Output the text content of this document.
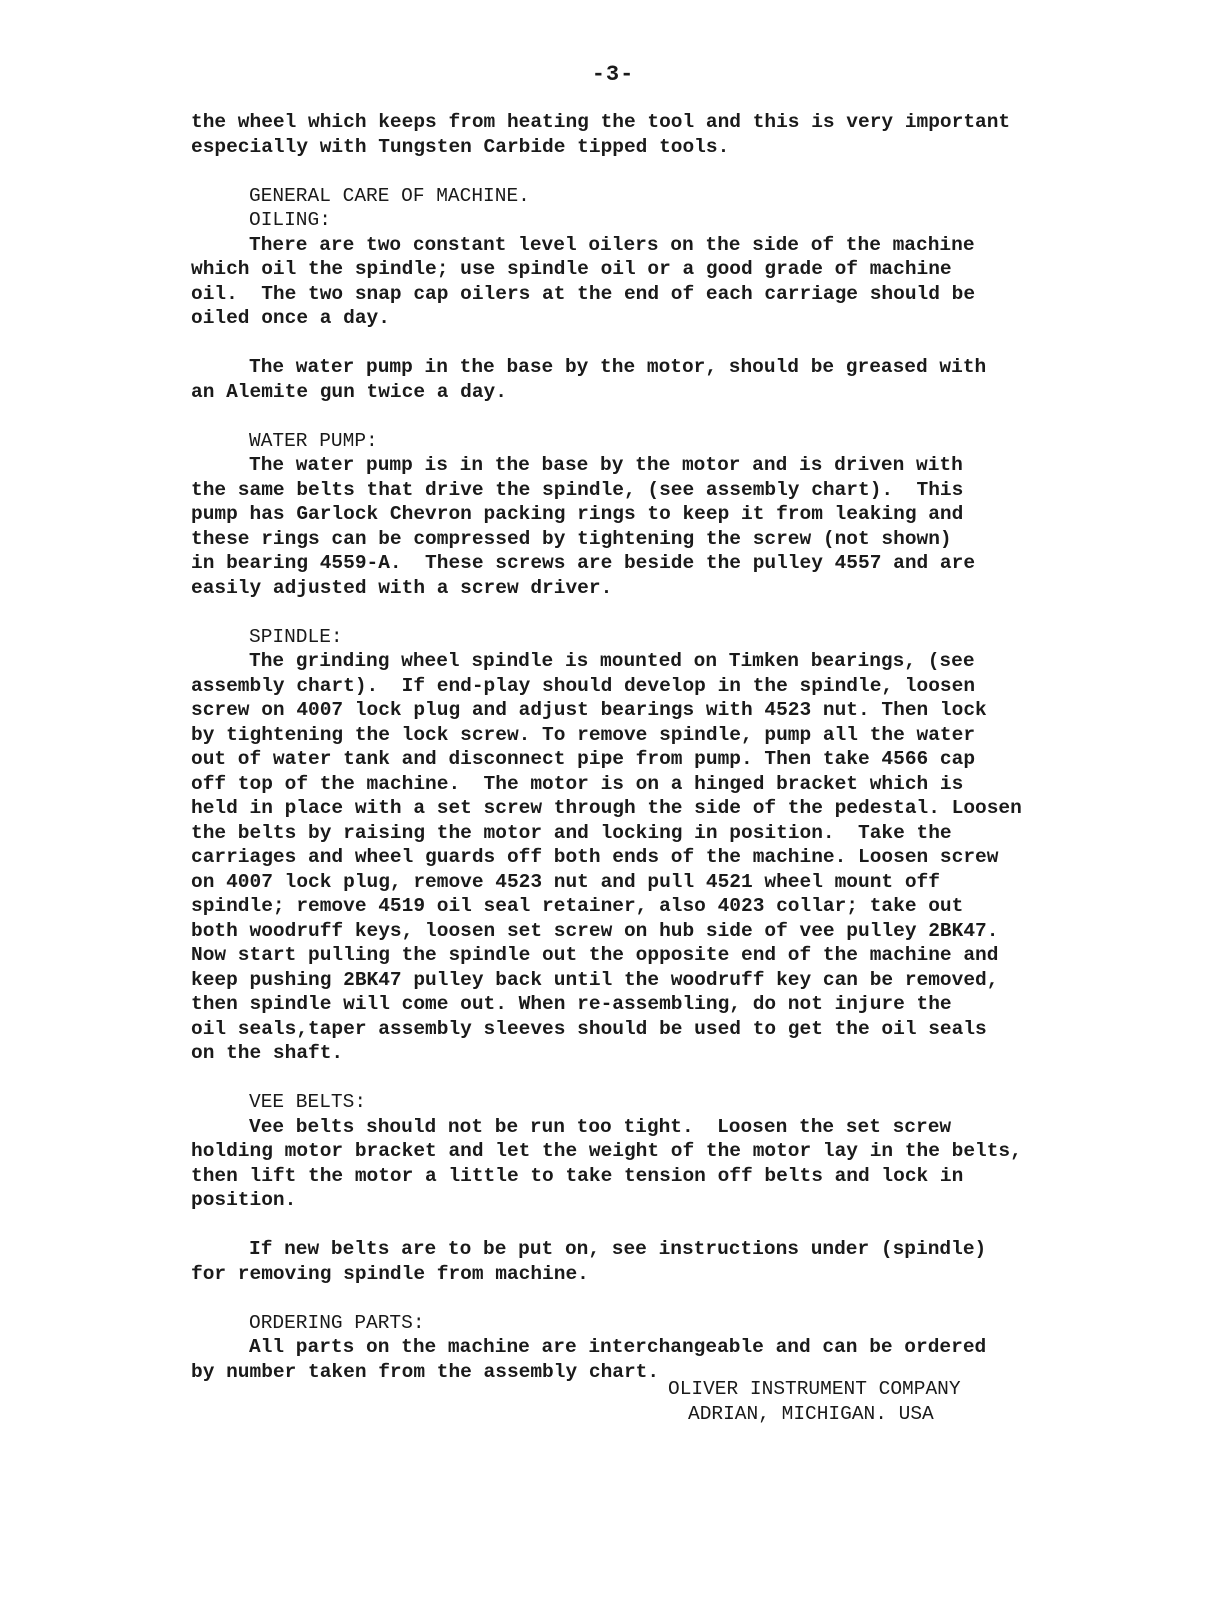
-3-
the wheel which keeps from heating the tool and this is very important
especially with Tungsten Carbide tipped tools.
GENERAL CARE OF MACHINE.
OILING:
There are two constant level oilers on the side of the machine
which oil the spindle; use spindle oil or a good grade of machine
oil.  The two snap cap oilers at the end of each carriage should be
oiled once a day.
The water pump in the base by the motor, should be greased with
an Alemite gun twice a day.
WATER PUMP:
The water pump is in the base by the motor and is driven with
the same belts that drive the spindle, (see assembly chart).  This
pump has Garlock Chevron packing rings to keep it from leaking and
these rings can be compressed by tightening the screw (not shown)
in bearing 4559-A.  These screws are beside the pulley 4557 and are
easily adjusted with a screw driver.
SPINDLE:
The grinding wheel spindle is mounted on Timken bearings, (see
assembly chart).  If end-play should develop in the spindle, loosen
screw on 4007 lock plug and adjust bearings with 4523 nut. Then lock
by tightening the lock screw. To remove spindle, pump all the water
out of water tank and disconnect pipe from pump. Then take 4566 cap
off top of the machine.  The motor is on a hinged bracket which is
held in place with a set screw through the side of the pedestal. Loosen
the belts by raising the motor and locking in position.  Take the
carriages and wheel guards off both ends of the machine. Loosen screw
on 4007 lock plug, remove 4523 nut and pull 4521 wheel mount off
spindle; remove 4519 oil seal retainer, also 4023 collar; take out
both woodruff keys, loosen set screw on hub side of vee pulley 2BK47.
Now start pulling the spindle out the opposite end of the machine and
keep pushing 2BK47 pulley back until the woodruff key can be removed,
then spindle will come out. When re-assembling, do not injure the
oil seals,taper assembly sleeves should be used to get the oil seals
on the shaft.
VEE BELTS:
Vee belts should not be run too tight.  Loosen the set screw
holding motor bracket and let the weight of the motor lay in the belts,
then lift the motor a little to take tension off belts and lock in
position.
If new belts are to be put on, see instructions under (spindle)
for removing spindle from machine.
ORDERING PARTS:
All parts on the machine are interchangeable and can be ordered
by number taken from the assembly chart.
OLIVER INSTRUMENT COMPANY
ADRIAN, MICHIGAN. USA
